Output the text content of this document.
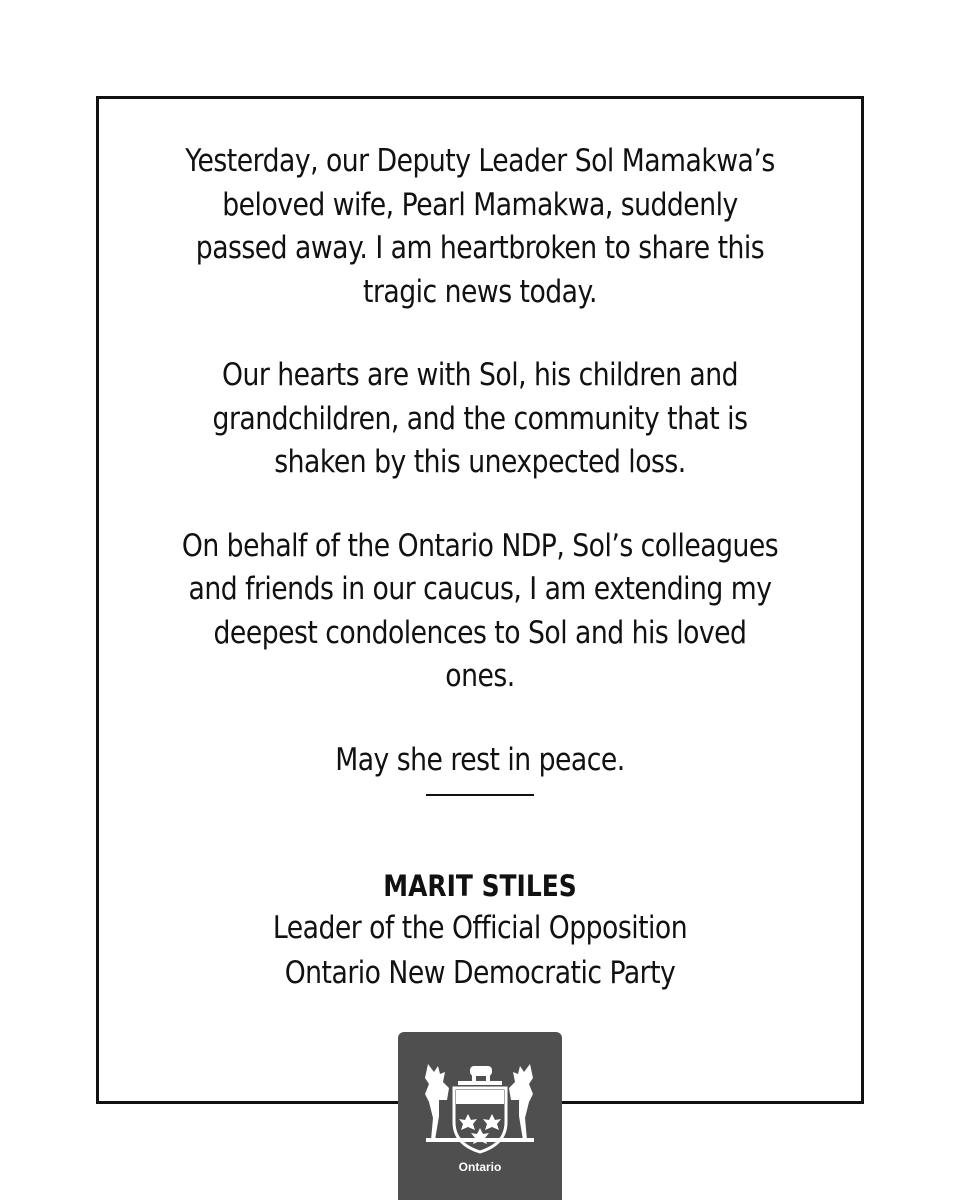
Yesterday, our Deputy Leader Sol Mamakwa’s
beloved wife, Pearl Mamakwa, suddenly
passed away. I am heartbroken to share this
tragic news today.
Our hearts are with Sol, his children and
grandchildren, and the community that is
shaken by this unexpected loss.
On behalf of the Ontario NDP, Sol’s colleagues
and friends in our caucus, I am extending my
deepest condolences to Sol and his loved
ones.
May she rest in peace.

MARIT STILES

Leader of the Official Opposition

Ontario New Democratic Party

Ontario
